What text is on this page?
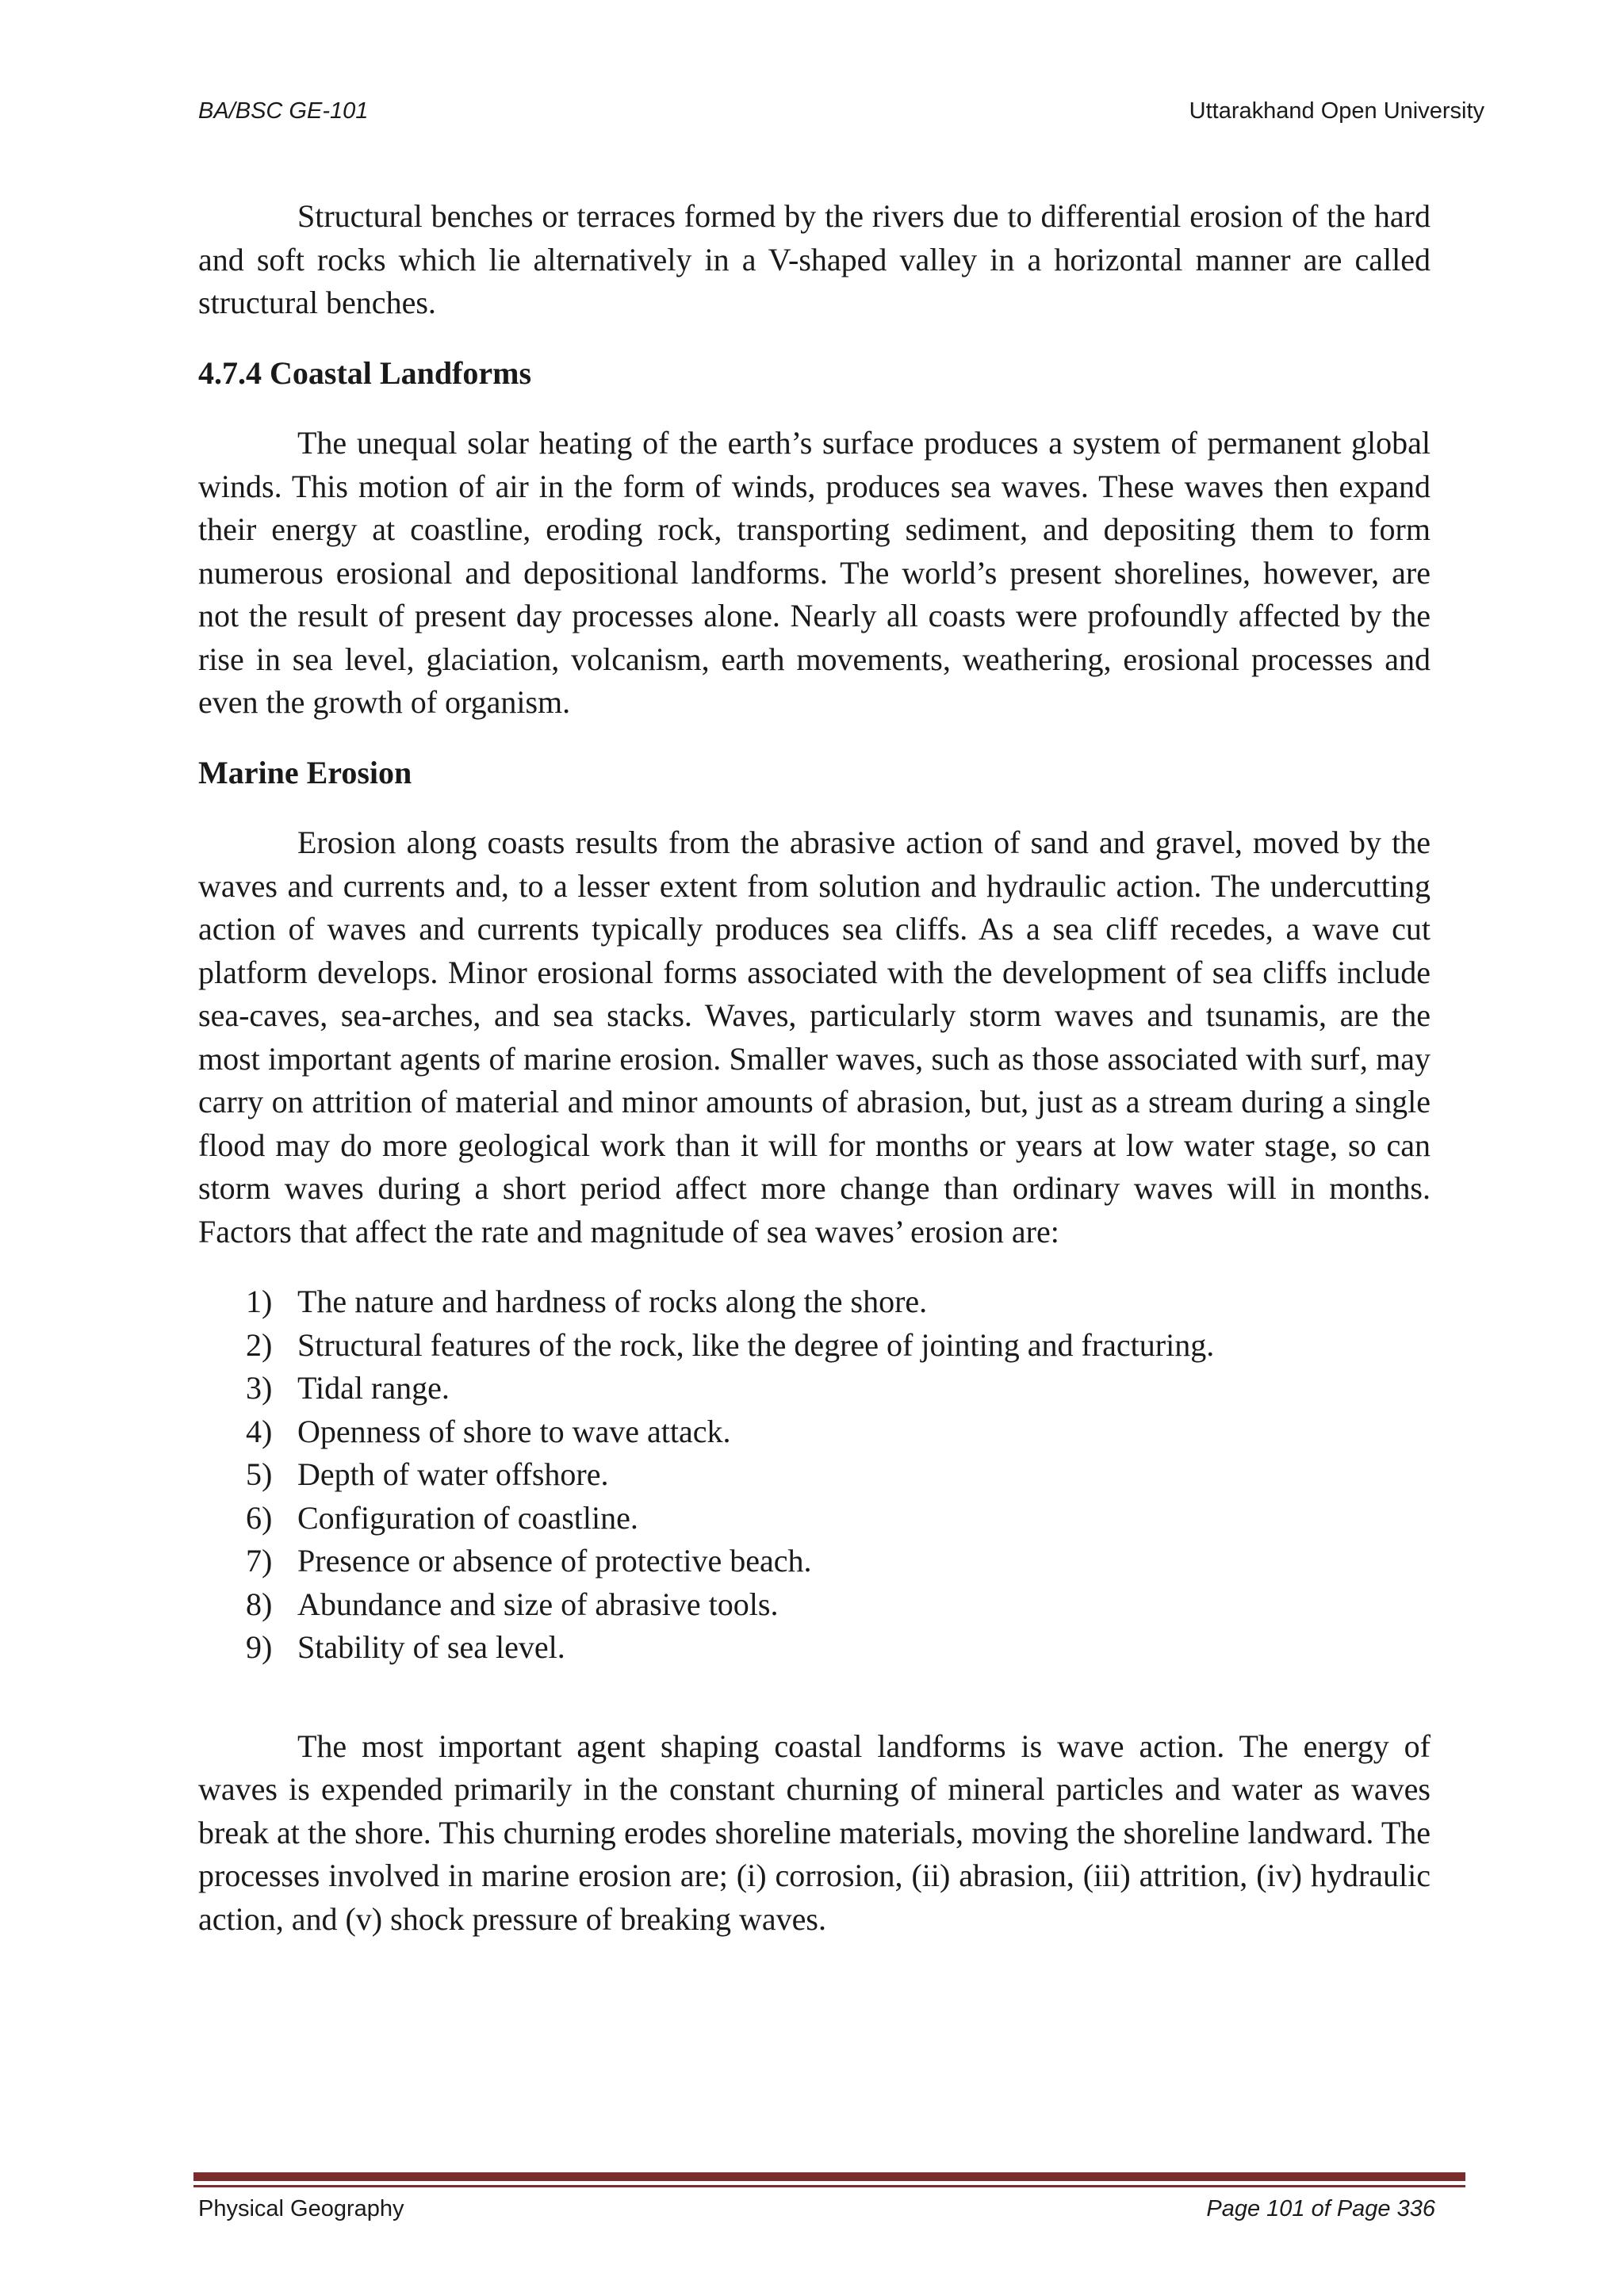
BA/BSC GE-101	Uttarakhand Open University

Structural benches or terraces formed by the rivers due to differential erosion of the hard and soft rocks which lie alternatively in a V-shaped valley in a horizontal manner are called structural benches.

4.7.4 Coastal Landforms

The unequal solar heating of the earth’s surface produces a system of permanent global winds. This motion of air in the form of winds, produces sea waves. These waves then expand their energy at coastline, eroding rock, transporting sediment, and depositing them to form numerous erosional and depositional landforms. The world’s present shorelines, however, are not the result of present day processes alone. Nearly all coasts were profoundly affected by the rise in sea level, glaciation, volcanism, earth movements, weathering, erosional processes and even the growth of organism.

Marine Erosion

Erosion along coasts results from the abrasive action of sand and gravel, moved by the waves and currents and, to a lesser extent from solution and hydraulic action. The undercutting action of waves and currents typically produces sea cliffs. As a sea cliff recedes, a wave cut platform develops. Minor erosional forms associated with the development of sea cliffs include sea-caves, sea-arches, and sea stacks. Waves, particularly storm waves and tsunamis, are the most important agents of marine erosion. Smaller waves, such as those associated with surf, may carry on attrition of material and minor amounts of abrasion, but, just as a stream during a single flood may do more geological work than it will for months or years at low water stage, so can storm waves during a short period affect more change than ordinary waves will in months. Factors that affect the rate and magnitude of sea waves’ erosion are:

1) The nature and hardness of rocks along the shore.
2) Structural features of the rock, like the degree of jointing and fracturing.
3) Tidal range.
4) Openness of shore to wave attack.
5) Depth of water offshore.
6) Configuration of coastline.
7) Presence or absence of protective beach.
8) Abundance and size of abrasive tools.
9) Stability of sea level.

The most important agent shaping coastal landforms is wave action. The energy of waves is expended primarily in the constant churning of mineral particles and water as waves break at the shore. This churning erodes shoreline materials, moving the shoreline landward. The processes involved in marine erosion are; (i) corrosion, (ii) abrasion, (iii) attrition, (iv) hydraulic action, and (v) shock pressure of breaking waves.

Physical Geography	Page 101 of Page 336
